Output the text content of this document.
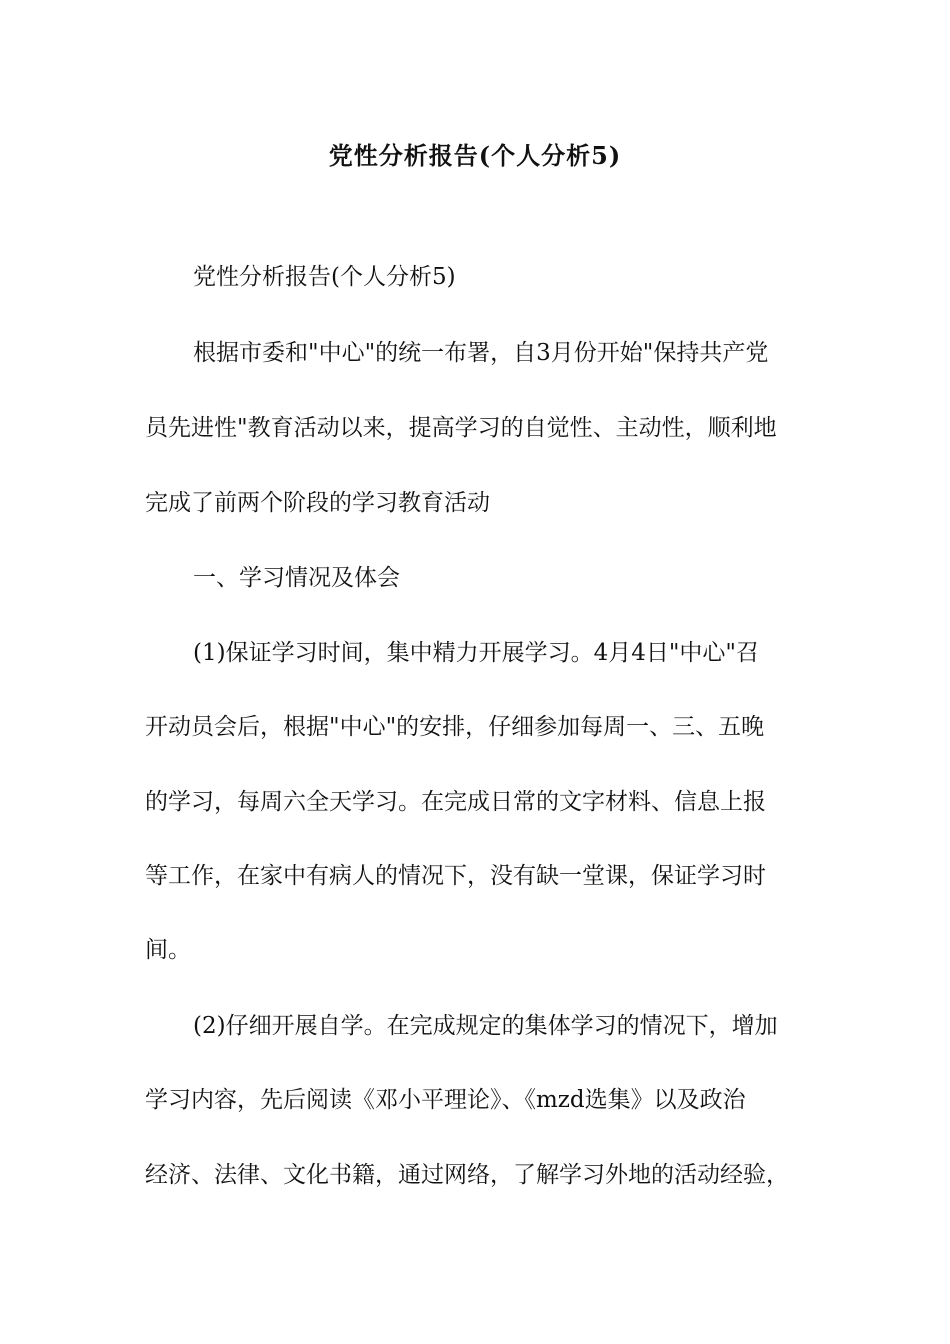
党性分析报告(个人分析5)

党性分析报告(个人分析5)

根据市委和"中心"的统一布署，自3月份开始"保持共产党

员先进性"教育活动以来，提高学习的自觉性、主动性，顺利地

完成了前两个阶段的学习教育活动

一、学习情况及体会

(1)保证学习时间，集中精力开展学习。4月4日"中心"召

开动员会后，根据"中心"的安排，仔细参加每周一、三、五晚

的学习，每周六全天学习。在完成日常的文字材料、信息上报

等工作，在家中有病人的情况下，没有缺一堂课，保证学习时

间。

(2)仔细开展自学。在完成规定的集体学习的情况下，增加

学习内容，先后阅读《邓小平理论》、《mzd选集》以及政治

经济、法律、文化书籍，通过网络，了解学习外地的活动经验，
